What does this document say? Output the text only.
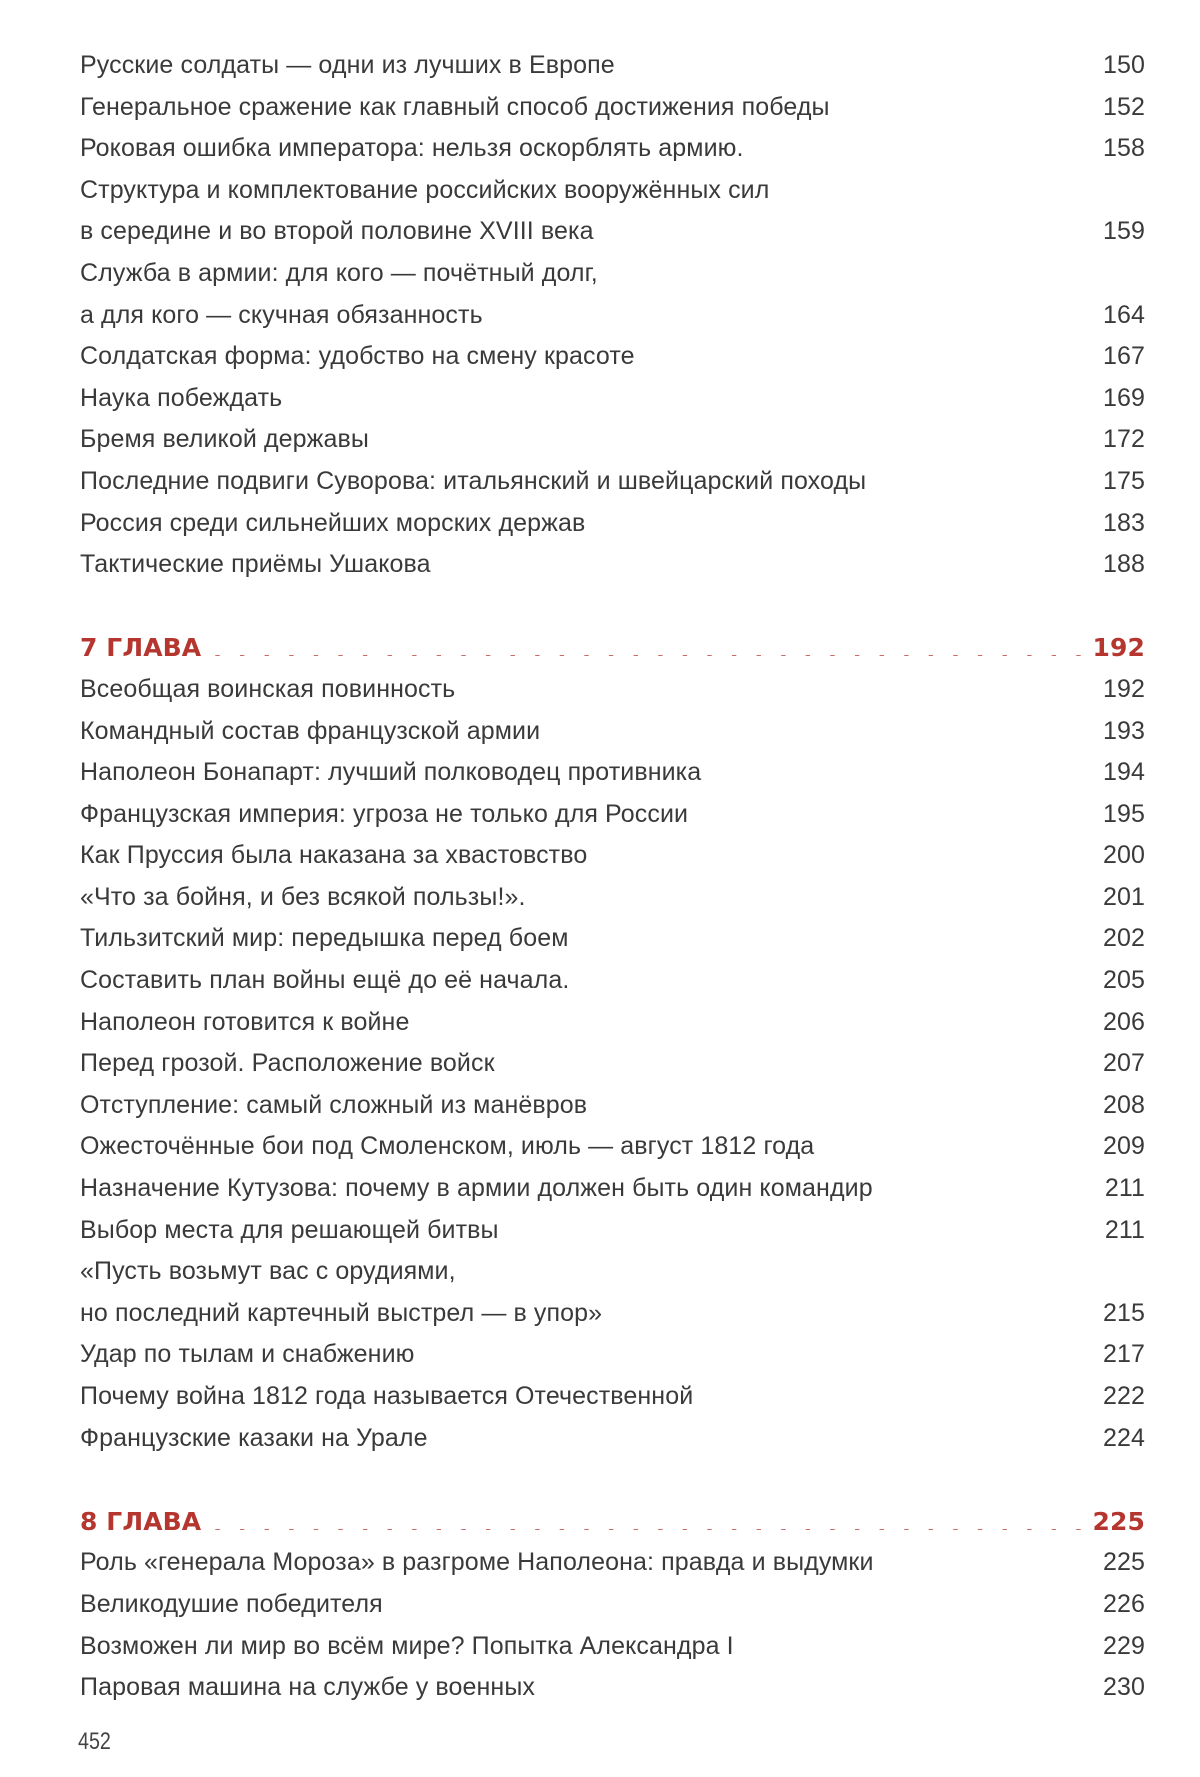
Русские солдаты — одни из лучших в Европе . . .	150
Генеральное сражение как главный способ достижения победы . . .	152
Роковая ошибка императора: нельзя оскорблять армию. . . .	158
Структура и комплектование российских вооружённых сил
в середине и во второй половине XVIII века . . .	159
Служба в армии: для кого — почётный долг,
а для кого — скучная обязанность . . .	164
Солдатская форма: удобство на смену красоте . . .	167
Наука побеждать . . .	169
Бремя великой державы . . .	172
Последние подвиги Суворова: итальянский и швейцарский походы . . .	175
Россия среди сильнейших морских держав . . .	183
Тактические приёмы Ушакова . . .	188
7 ГЛАВА . . .	192
Всеобщая воинская повинность . . .	192
Командный состав французской армии . . .	193
Наполеон Бонапарт: лучший полководец противника . . .	194
Французская империя: угроза не только для России . . .	195
Как Пруссия была наказана за хвастовство . . .	200
«Что за бойня, и без всякой пользы!». . . .	201
Тильзитский мир: передышка перед боем . . .	202
Составить план войны ещё до её начала. . . .	205
Наполеон готовится к войне . . .	206
Перед грозой. Расположение войск . . .	207
Отступление: самый сложный из манёвров . . .	208
Ожесточённые бои под Смоленском, июль — август 1812 года . . .	209
Назначение Кутузова: почему в армии должен быть один командир . . .	211
Выбор места для решающей битвы . . .	211
«Пусть возьмут вас с орудиями,
но последний картечный выстрел — в упор» . . .	215
Удар по тылам и снабжению . . .	217
Почему война 1812 года называется Отечественной . . .	222
Французские казаки на Урале . . .	224
8 ГЛАВА . . .	225
Роль «генерала Мороза» в разгроме Наполеона: правда и выдумки . . .	225
Великодушие победителя . . .	226
Возможен ли мир во всём мире? Попытка Александра I . . .	229
Паровая машина на службе у военных . . .	230
452
